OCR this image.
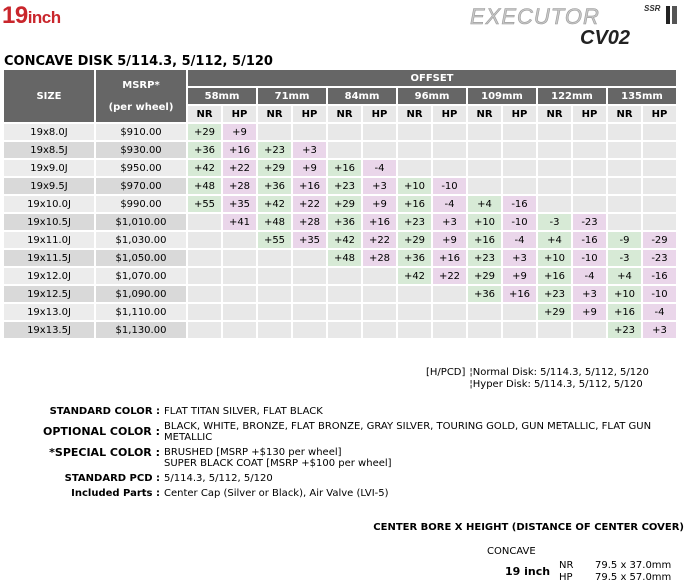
19inch	EXECUTOR	SSR
CV02
CONCAVE DISK 5/114.3, 5/112, 5/120
SIZE	MSRP*

(per wheel)	OFFSET													
		58mm		71mm		84mm		96mm		109mm		122mm		135mm	
		NR	HP	NR	HP	NR	HP	NR	HP	NR	HP	NR	HP	NR	HP
19x8.0J	$910.00	+29	+9												
19x8.5J	$930.00	+36	+16	+23	+3										
19x9.0J	$950.00	+42	+22	+29	+9	+16	-4								
19x9.5J	$970.00	+48	+28	+36	+16	+23	+3	+10	-10						
19x10.0J	$990.00	+55	+35	+42	+22	+29	+9	+16	-4	+4	-16				
19x10.5J	$1,010.00		+41	+48	+28	+36	+16	+23	+3	+10	-10	-3	-23		
19x11.0J	$1,030.00			+55	+35	+42	+22	+29	+9	+16	-4	+4	-16	-9	-29
19x11.5J	$1,050.00					+48	+28	+36	+16	+23	+3	+10	-10	-3	-23
19x12.0J	$1,070.00							+42	+22	+29	+9	+16	-4	+4	-16
19x12.5J	$1,090.00									+36	+16	+23	+3	+10	-10
19x13.0J	$1,110.00											+29	+9	+16	-4
19x13.5J	$1,130.00													+23	+3
[H/PCD] ¦Normal Disk: 5/114.3, 5/112, 5/120
¦Hyper Disk: 5/114.3, 5/112, 5/120
STANDARD COLOR : FLAT TITAN SILVER, FLAT BLACK
OPTIONAL COLOR : BLACK, WHITE, BRONZE, FLAT BRONZE, GRAY SILVER, TOURING GOLD, GUN METALLIC, FLAT GUN METALLIC
*SPECIAL COLOR : BRUSHED [MSRP +$130 per wheel]
SUPER BLACK COAT [MSRP +$100 per wheel]
STANDARD PCD : 5/114.3, 5/112, 5/120
Included Parts : Center Cap (Silver or Black), Air Valve (LVI-5)
CENTER BORE X HEIGHT (DISTANCE OF CENTER COVER)
CONCAVE
19 inch NR 79.5 x 37.0mm
HP 79.5 x 57.0mm
